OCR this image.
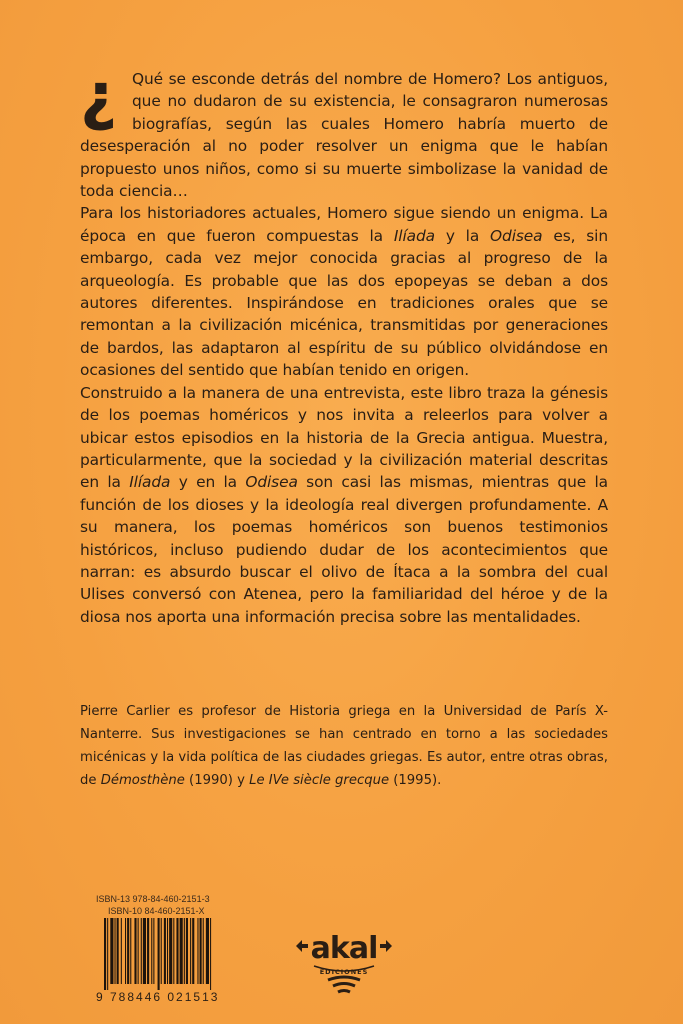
¿ Qué se esconde detrás del nombre de Homero? Los antiguos, que no dudaron de su existencia, le consagraron numerosas biografías, según las cuales Homero habría muerto de desesperación al no poder resolver un enigma que le habían propuesto unos niños, como si su muerte simbolizase la vanidad de toda ciencia…

Para los historiadores actuales, Homero sigue siendo un enigma. La época en que fueron compuestas la Ilíada y la Odisea es, sin embargo, cada vez mejor conocida gracias al progreso de la arqueología. Es probable que las dos epopeyas se deban a dos autores diferentes. Inspirándose en tradiciones orales que se remontan a la civilización micénica, transmitidas por generaciones de bardos, las adaptaron al espíritu de su público olvidándose en ocasiones del sentido que habían tenido en origen.

Construido a la manera de una entrevista, este libro traza la génesis de los poemas homéricos y nos invita a releerlos para volver a ubicar estos episodios en la historia de la Grecia antigua. Muestra, particularmente, que la sociedad y la civilización material descritas en la Ilíada y en la Odisea son casi las mismas, mientras que la función de los dioses y la ideología real divergen profundamente. A su manera, los poemas homéricos son buenos testimonios históricos, incluso pudiendo dudar de los acontecimientos que narran: es absurdo buscar el olivo de Ítaca a la sombra del cual Ulises conversó con Atenea, pero la familiaridad del héroe y de la diosa nos aporta una información precisa sobre las mentalidades.

Pierre Carlier es profesor de Historia griega en la Universidad de París X-Nanterre. Sus investigaciones se han centrado en torno a las sociedades micénicas y la vida política de las ciudades griegas. Es autor, entre otras obras, de Démosthène (1990) y Le IVe siècle grecque (1995).

ISBN-13 978-84-460-2151-3
ISBN-10 84-460-2151-X
9 788446 021513
akal
EDICIONES
